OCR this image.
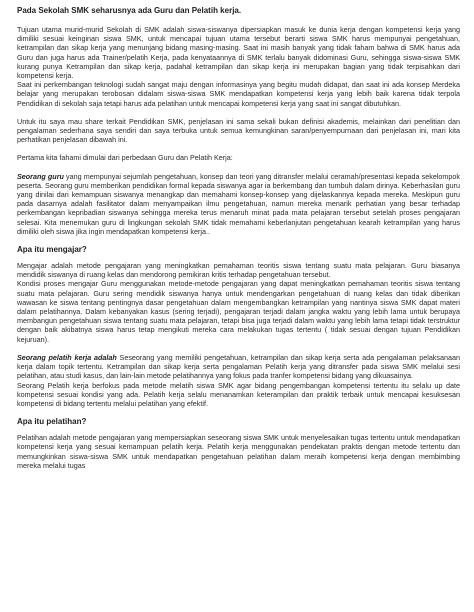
Pada Sekolah SMK seharusnya ada Guru dan Pelatih kerja.

Tujuan utama murid-murid Sekolah di SMK adalah siswa-siswanya dipersiapkan masuk ke dunia kerja dengan kompetensi kerja yang dimiliki sesuai keinginan siswa SMK, untuk mencapai tujuan utama tersebut berarti siswa SMK harus mempunyai pengetahuan, ketrampilan dan sikap kerja yang menunjang bidang masing-masing. Saat ini masih banyak yang tidak faham bahwa di SMK harus ada Guru dan juga harus ada Trainer/pelatih Kerja, pada kenyataannya di SMK terlalu banyak didominasi Guru, sehingga siswa-siswa SMK kurang punya Ketrampilan dan sikap kerja, padahal ketrampilan dan sikap kerja ini merupakan bagian yang tidak terpisahkan dari kompetensi kerja.

Saat ini perkembangan teknologi sudah sangat maju dengan informasinya yang begitu mudah didapat, dan saat ini ada konsep Merdeka belajar yang merupakan terobosan didalam siswa-siswa SMK mendapatkan kompetensi kerja yang lebih baik karena tidak terpola Pendidikan di sekolah saja tetapi harus ada pelatihan untuk mencapai kompetensi kerja yang saat ini sangat dibutuhkan.

Untuk itu saya mau share terkait Pendidikan SMK, penjelasan ini sama sekali bukan definisi akademis, melainkan dari penelitian dan pengalaman sederhana saya sendiri dan saya terbuka untuk semua kemungkinan saran/penyempurnaan dari penjelasan ini, mari kita perhatikan penjelasan dibawah ini.

Pertama kita fahami dimulai dari perbedaan Guru dan Pelatih Kerja:

Seorang guru yang mempunyai sejumlah pengetahuan, konsep dan teori yang ditransfer melalui ceramah/presentasi kepada sekelompok peserta. Seorang guru memberikan pendidikan formal kepada siswanya agar ia berkembang dan tumbuh dalam dirinya. Keberhasilan guru yang dinilai dari kemampuan siswanya menangkap dan memahami konsep-konsep yang dijelaskannya kepada mereka. Meskipun guru pada dasarnya adalah fasilitator dalam menyampaikan ilmu pengetahuan, namun mereka menarik perhatian yang besar terhadap perkembangan kepribadian siswanya sehingga mereka terus menaruh minat pada mata pelajaran tersebut setelah proses pengajaran selesai. Kita menemukan guru di lingkungan sekolah SMK tidak memahami keberlanjutan pengetahuan kearah ketrampilan yang harus dimiliki oleh siswa jika ingin mendapatkan kompetensi kerja..

Apa itu mengajar?

Mengajar adalah metode pengajaran yang meningkatkan pemahaman teoritis siswa tentang suatu mata pelajaran. Guru biasanya mendidik siswanya di ruang kelas dan mendorong pemikiran kritis terhadap pengetahuan tersebut.

Kondisi proses mengajar Guru menggunakan metode-metode pengajaran yang dapat meningkatkan pemahaman teoritis siswa tentang suatu mata pelajaran. Guru sering mendidik siswanya hanya untuk mendengarkan pengetahuan di ruang kelas dan tidak diberikan wawasan ke siswa tentang pentingnya dasar pengetahuan dalam mengembangkan ketrampilan yang nantinya siswa SMK dapat materi dalam pelatihannya. Dalam kebanyakan kasus (sering terjadi), pengajaran terjadi dalam jangka waktu yang lebih lama untuk berupaya membangun pengetahuan siswa tentang suatu mata pelajaran, tetapi bisa juga terjadi dalam waktu yang lebih lama tetapi tidak terstruktur dengan baik akibatnya siswa harus tetap mengikuti mereka cara melakukan tugas tertentu ( tidak sesuai dengan tujuan Pendidikan kejuruan).

Seorang pelatih kerja adalah Seseorang yang memiliki pengetahuan, ketrampilan dan sikap kerja serta ada pengalaman pelaksanaan kerja dalam topik tertentu. Ketrampilan dan sikap kerja serta pengalaman Pelatih kerja yang ditransfer pada siswa SMK melalui sesi pelatihan, atau studi kasus, dan lain-lain metode pelatihannya yang fokus pada tranfer kompetensi bidang yang dikuasainya.

Seorang Pelatih kerja berfokus pada metode melatih siswa SMK agar bidang pengembangan kompetensi tertentu itu selalu up date kompetensi sesuai kondisi yang ada. Pelatih kerja selalu menanamkan keterampilan dan praktik terbaik untuk mencapai kesuksesan kompetensi di bidang tertentu melalui pelatihan yang efektif.

Apa itu pelatihan?

Pelatihan adalah metode pengajaran yang mempersiapkan seseorang siswa SMK untuk menyelesaikan tugas tertentu untuk mendapatkan kompetensi kerja yang sesuai kemampuan pelatih kerja. Pelatih kerja menggunakan pendekatan praktis dengan metode tertentu dan memungkinkan siswa-siswa SMK untuk mendapatkan pengetahuan pelatihan dalam meraih kompetensi kerja dengan membimbing mereka melalui tugas
